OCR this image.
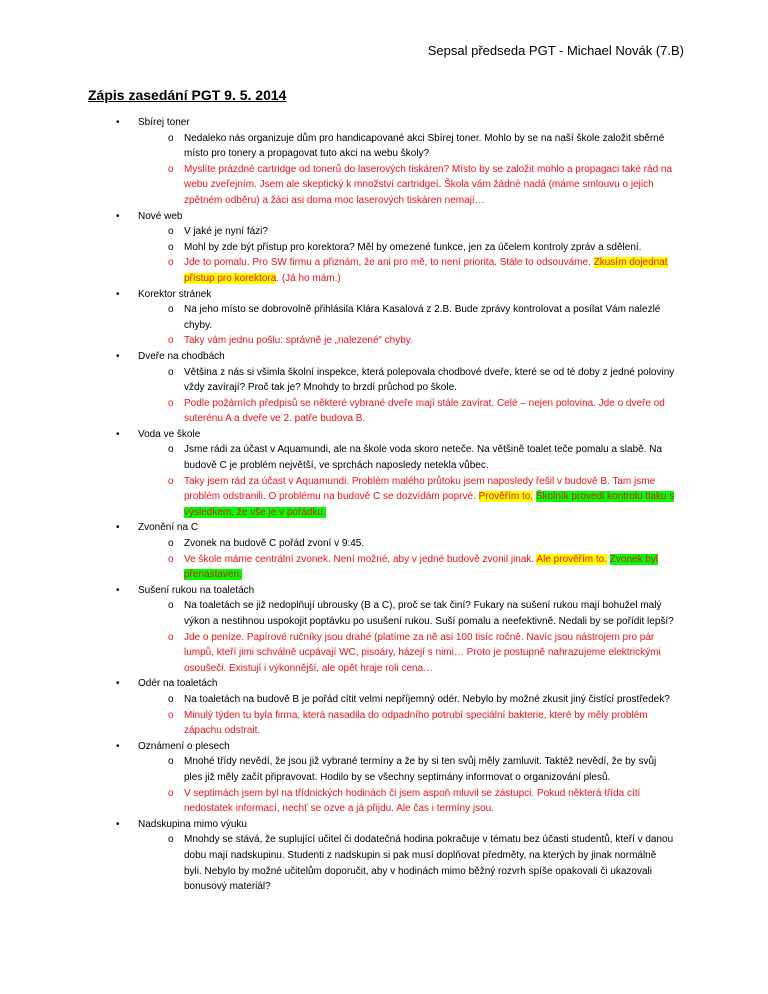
Sepsal předseda PGT - Michael Novák (7.B)
Zápis zasedání PGT 9. 5. 2014
• Sbírej toner
o Nedaleko nás organizuje dům pro handicapované akci Sbírej toner. Mohlo by se na naší škole založit sběrné místo pro tonery a propagovat tuto akci na webu školy?
o Myslíte prázdné cartridge od tonerů do laserových tiskáren? Místo by se založit mohlo a propagaci také rád na webu zveřejním. Jsem ale skeptický k množství cartridgeí. Škola vám žádné nadá (máme smlouvu o jejich zpětném odběru) a žáci asi doma moc laserových tiskáren nemají…
• Nové web
o V jaké je nyní fázi?
o Mohl by zde být přístup pro korektora? Měl by omezené funkce, jen za účelem kontroly zpráv a sdělení.
o Jde to pomalu. Pro SW firmu a přiznám, že ani pro mě, to není priorita. Stále to odsouváme. Zkusím dojednat přístup pro korektora. (Já ho mám.)
• Korektor stránek
o Na jeho místo se dobrovolně přihlásila Klára Kasalová z 2.B. Bude zprávy kontrolovat a posílat Vám nalezlé chyby.
o Taky vám jednu pošlu: správně je „nalezené“ chyby.
• Dveře na chodbách
o Většina z nás si všimla školní inspekce, která polepovala chodbové dveře, které se od té doby z jedné poloviny vždy zavírají? Proč tak je? Mnohdy to brzdí průchod po škole.
o Podle požárních předpisů se některé vybrané dveře mají stále zavírat. Celé – nejen polovina. Jde o dveře od suterénu A a dveře ve 2. patře budova B.
• Voda ve škole
o Jsme rádi za účast v Aquamundi, ale na škole voda skoro neteče. Na většině toalet teče pomalu a slabě. Na budově C je problém největší, ve sprchách naposledy netekla vůbec.
o Taky jsem rád za účast v Aquamundi. Problém malého průtoku jsem naposledy řešil v budově B. Tam jsme problém odstranili. O problému na budově C se dozvídám poprvé. Prověřím to. Školník provedl kontrolu tlaku s výsledkem, že vše je v pořádku.
• Zvonění na C
o Zvonek na budově C pořád zvoní v 9:45.
o Ve škole máme centrální zvonek. Není možné, aby v jedné budově zvonil jinak. Ale prověřím to. Zvonek byl přenastaven.
• Sušení rukou na toaletách
o Na toaletách se již nedoplňují ubrousky (B a C), proč se tak činí? Fukary na sušení rukou mají bohužel malý výkon a nestihnou uspokojit poptávku po usušení rukou. Suší pomalu a neefektivně. Nedali by se pořídit lepší?
o Jde o peníze. Papírové ručníky jsou drahé (platíme za ně asi 100 tisíc ročně. Navíc jsou nástrojem pro pár lumpů, kteří jimi schválně ucpávají WC, pisoáry, házejí s nimi… Proto je postupně nahrazujeme elektrickými osoušeči. Existují i výkonnější, ale opět hraje roli cena…
• Odér na toaletách
o Na toaletách na budově B je pořád cítit velmi nepříjemný odér. Nebylo by možné zkusit jiný čistící prostředek?
o Minulý týden tu byla firma, která nasadila do odpadního potrubí speciální bakterie, které by měly problém zápachu odstrait.
• Oznámení o plesech
o Mnohé třídy nevědí, že jsou již vybrané termíny a že by si ten svůj měly zamluvit. Taktéž nevědí, že by svůj ples již měly začít připravovat. Hodilo by se všechny septimány informovat o organizování plesů.
o V septimách jsem byl na třídnických hodinách či jsem aspoň mluvil se zástupci. Pokud některá třída cítí nedostatek informací, nechť se ozve a já přijdu. Ale čas i termíny jsou.
• Nadskupina mimo výuku
o Mnohdy se stává, že suplující učitel či dodatečná hodina pokračuje v tématu bez účasti studentů, kteří v danou dobu mají nadskupinu. Studenti z nadskupin si pak musí doplňovat předměty, na kterých by jinak normálně byli. Nebylo by možné učitelům doporučit, aby v hodinách mimo běžný rozvrh spíše opakovali či ukazovali bonusový materiál?
